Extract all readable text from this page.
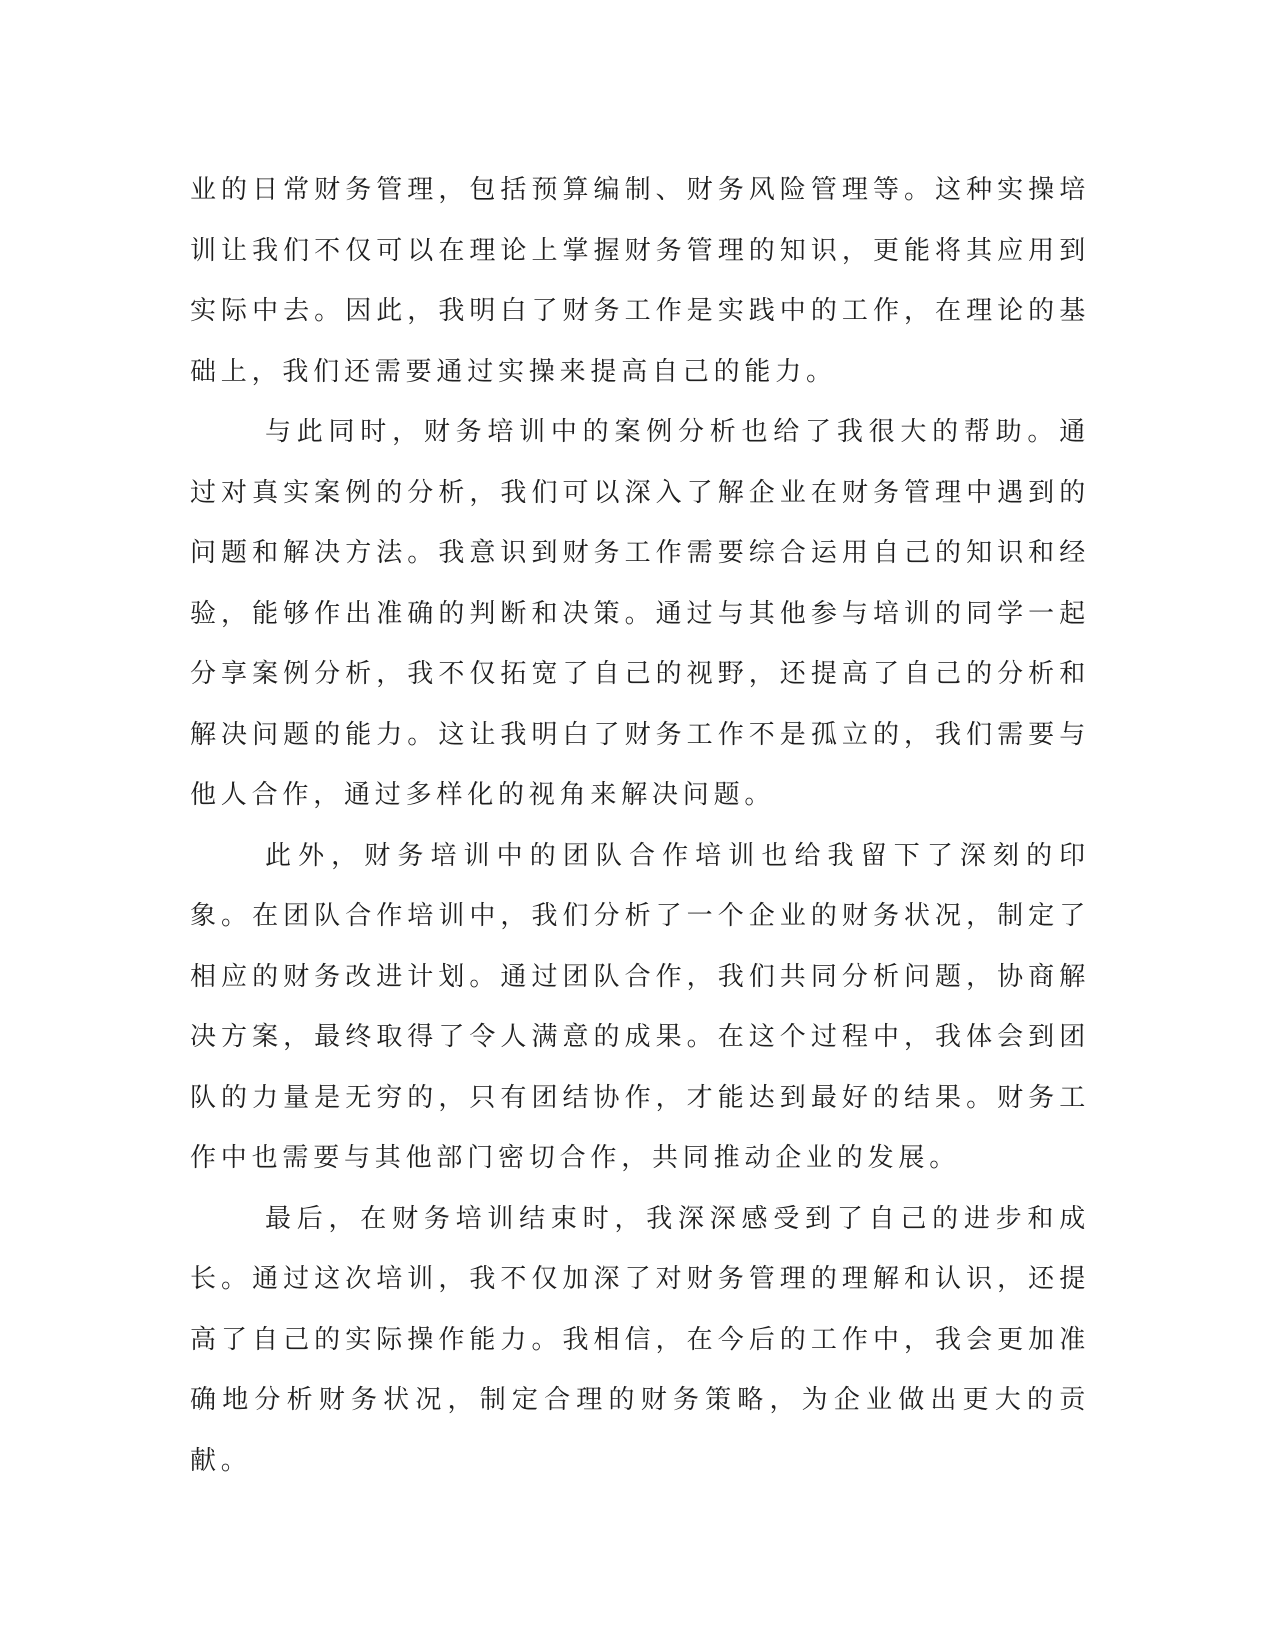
业的日常财务管理，包括预算编制、财务风险管理等。这种实操培训让我们不仅可以在理论上掌握财务管理的知识，更能将其应用到实际中去。因此，我明白了财务工作是实践中的工作，在理论的基础上，我们还需要通过实操来提高自己的能力。

与此同时，财务培训中的案例分析也给了我很大的帮助。通过对真实案例的分析，我们可以深入了解企业在财务管理中遇到的问题和解决方法。我意识到财务工作需要综合运用自己的知识和经验，能够作出准确的判断和决策。通过与其他参与培训的同学一起分享案例分析，我不仅拓宽了自己的视野，还提高了自己的分析和解决问题的能力。这让我明白了财务工作不是孤立的，我们需要与他人合作，通过多样化的视角来解决问题。

此外，财务培训中的团队合作培训也给我留下了深刻的印象。在团队合作培训中，我们分析了一个企业的财务状况，制定了相应的财务改进计划。通过团队合作，我们共同分析问题，协商解决方案，最终取得了令人满意的成果。在这个过程中，我体会到团队的力量是无穷的，只有团结协作，才能达到最好的结果。财务工作中也需要与其他部门密切合作，共同推动企业的发展。

最后，在财务培训结束时，我深深感受到了自己的进步和成长。通过这次培训，我不仅加深了对财务管理的理解和认识，还提高了自己的实际操作能力。我相信，在今后的工作中，我会更加准确地分析财务状况，制定合理的财务策略，为企业做出更大的贡献。
